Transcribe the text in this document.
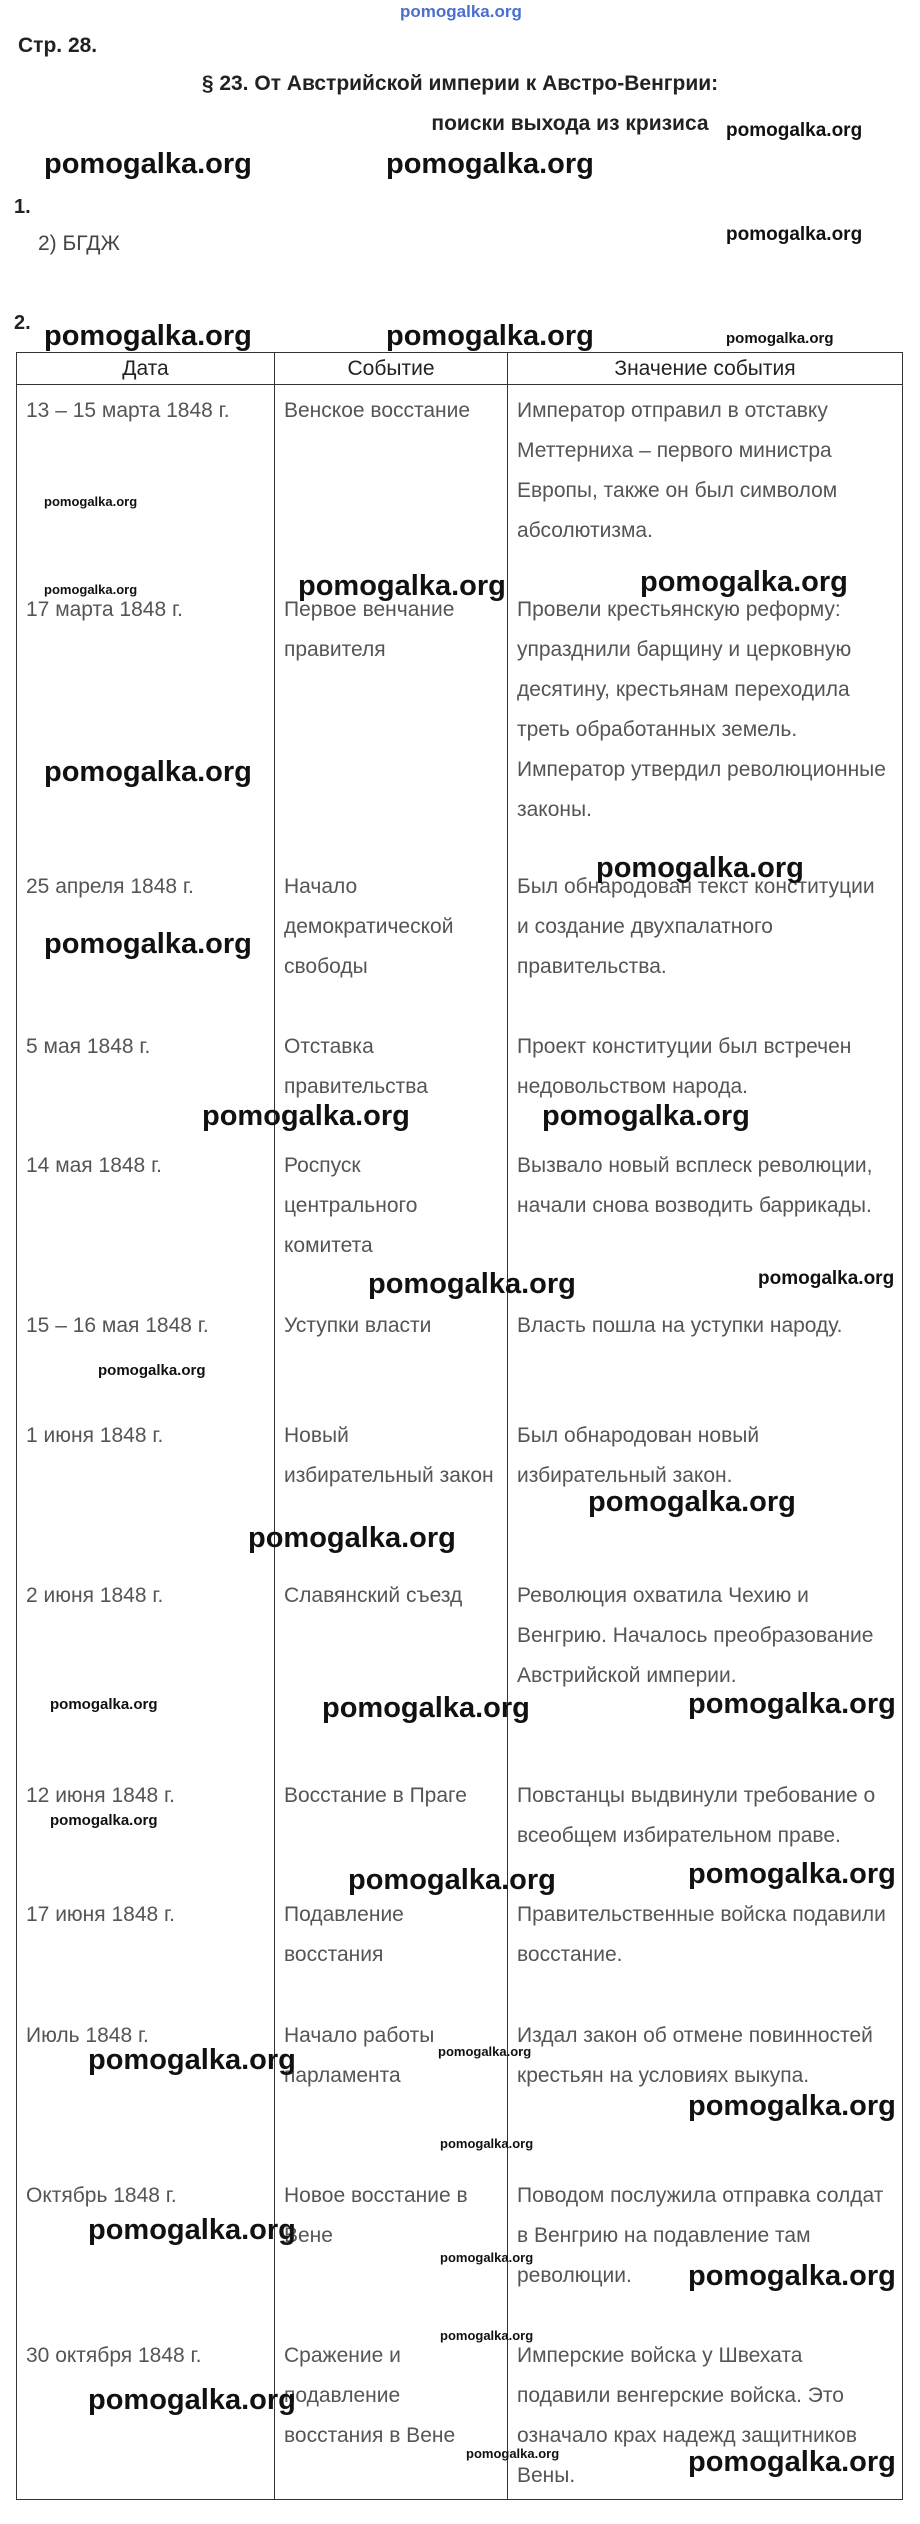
pomogalka.org
Стр. 28.
§ 23. От Австрийской империи к Австро-Венгрии:
поиски выхода из кризиса
1.
2) БГДЖ
2.
Дата	Событие	Значение события
13 – 15 марта 1848 г.	Венское восстание	Император отправил в отставку Меттерниха – первого министра Европы, также он был символом абсолютизма.
17 марта 1848 г.	Первое венчание правителя	Провели крестьянскую реформу: упразднили барщину и церковную десятину, крестьянам переходила треть обработанных земель. Император утвердил революционные законы.
25 апреля 1848 г.	Начало демократической свободы	Был обнародован текст конституции и создание двухпалатного правительства.
5 мая 1848 г.	Отставка правительства	Проект конституции был встречен недовольством народа.
14 мая 1848 г.	Роспуск центрального комитета	Вызвало новый всплеск революции, начали снова возводить баррикады.
15 – 16 мая 1848 г.	Уступки власти	Власть пошла на уступки народу.
1 июня 1848 г.	Новый избирательный закон	Был обнародован новый избирательный закон.
2 июня 1848 г.	Славянский съезд	Революция охватила Чехию и Венгрию. Началось преобразование Австрийской империи.
12 июня 1848 г.	Восстание в Праге	Повстанцы выдвинули требование о всеобщем избирательном праве.
17 июня 1848 г.	Подавление восстания	Правительственные войска подавили восстание.
Июль 1848 г.	Начало работы парламента	Издал закон об отмене повинностей крестьян на условиях выкупа.
Октябрь 1848 г.	Новое восстание в Вене	Поводом послужила отправка солдат в Венгрию на подавление там революции.
30 октября 1848 г.	Сражение и подавление восстания в Вене	Имперские войска у Швехата подавили венгерские войска. Это означало крах надежд защитников Вены.
pomogalka.org
pomogalka.org	pomogalka.org
pomogalka.org
pomogalka.org	pomogalka.org	pomogalka.org
pomogalka.org
pomogalka.org	pomogalka.org	pomogalka.org
pomogalka.org
pomogalka.org
pomogalka.org
pomogalka.org	pomogalka.org
pomogalka.org	pomogalka.org
pomogalka.org
pomogalka.org
pomogalka.org
pomogalka.org	pomogalka.org	pomogalka.org
pomogalka.org
pomogalka.org	pomogalka.org
pomogalka.org
pomogalka.org
pomogalka.org
pomogalka.org
pomogalka.org
pomogalka.org
pomogalka.org
pomogalka.org
pomogalka.org
pomogalka.org	pomogalka.org
